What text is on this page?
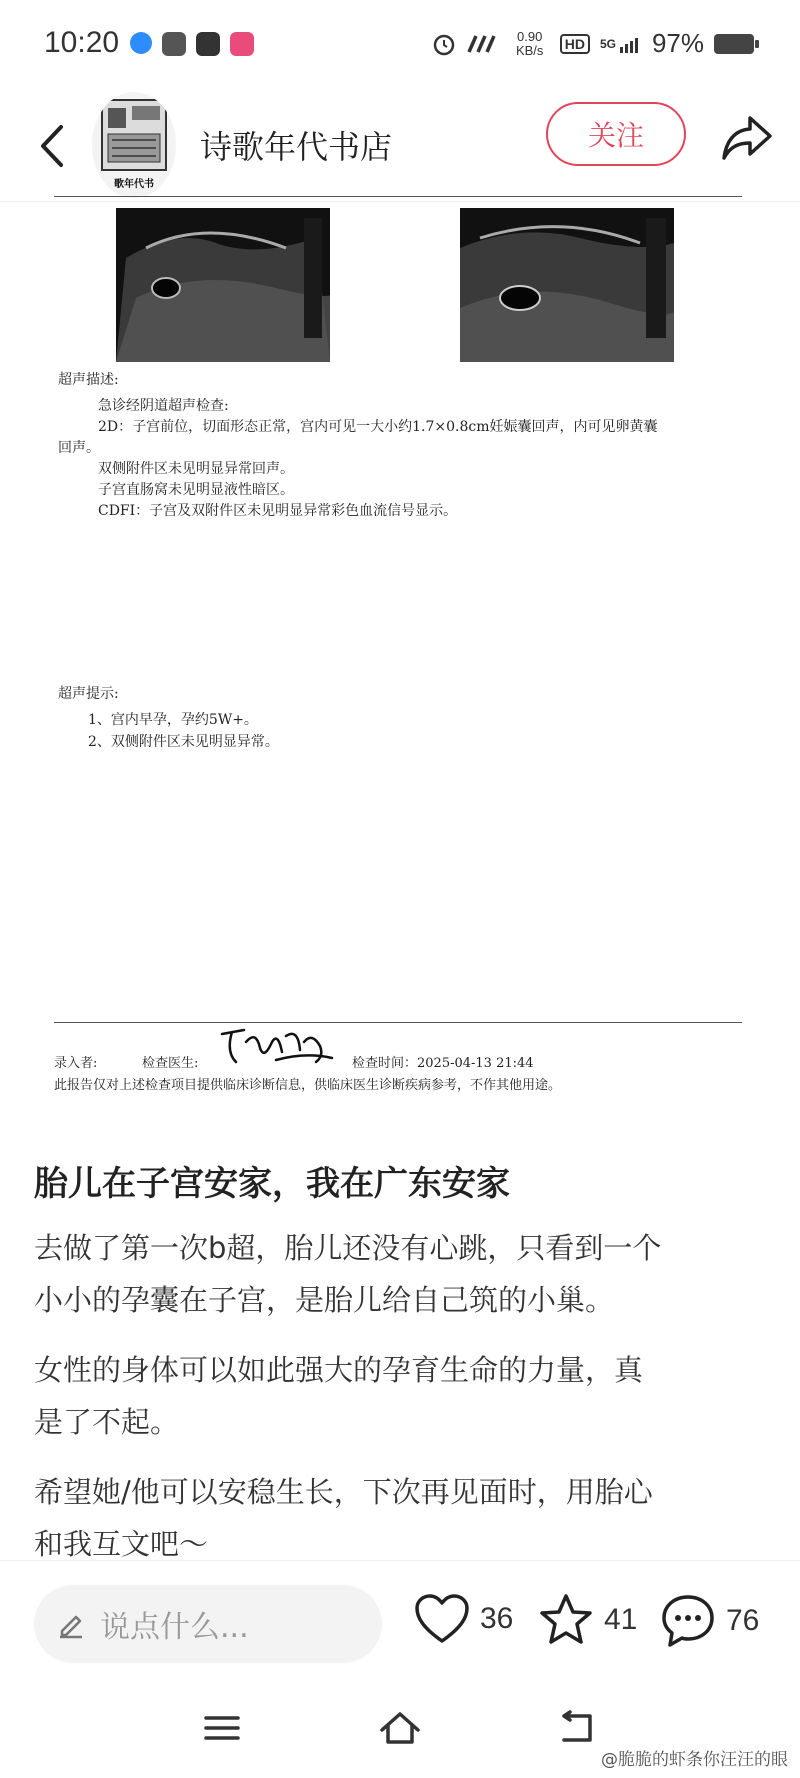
10:20	0.90
KB/s	HD	5G 97%
歌年代书
诗歌年代书店	关注
超声描述:
急诊经阴道超声检查:
2D：子宫前位，切面形态正常，宫内可见一大小约1.7×0.8cm妊娠囊回声，内可见卵黄囊
回声。
双侧附件区未见明显异常回声。
子宫直肠窝未见明显液性暗区。
CDFI：子宫及双附件区未见明显异常彩色血流信号显示。
超声提示:
1、宫内早孕，孕约5W+。
2、双侧附件区未见明显异常。
录入者:	检查医生:	检查时间：2025-04-13 21:44
此报告仅对上述检查项目提供临床诊断信息，供临床医生诊断疾病参考，不作其他用途。
胎儿在子宫安家，我在广东安家
去做了第一次b超，胎儿还没有心跳，只看到一个
小小的孕囊在子宫，是胎儿给自己筑的小巢。
女性的身体可以如此强大的孕育生命的力量，真
是了不起。
希望她/他可以安稳生长，下次再见面时，用胎心
和我互文吧～
说点什么...	36	41	76
@脆脆的虾条你汪汪的眼
